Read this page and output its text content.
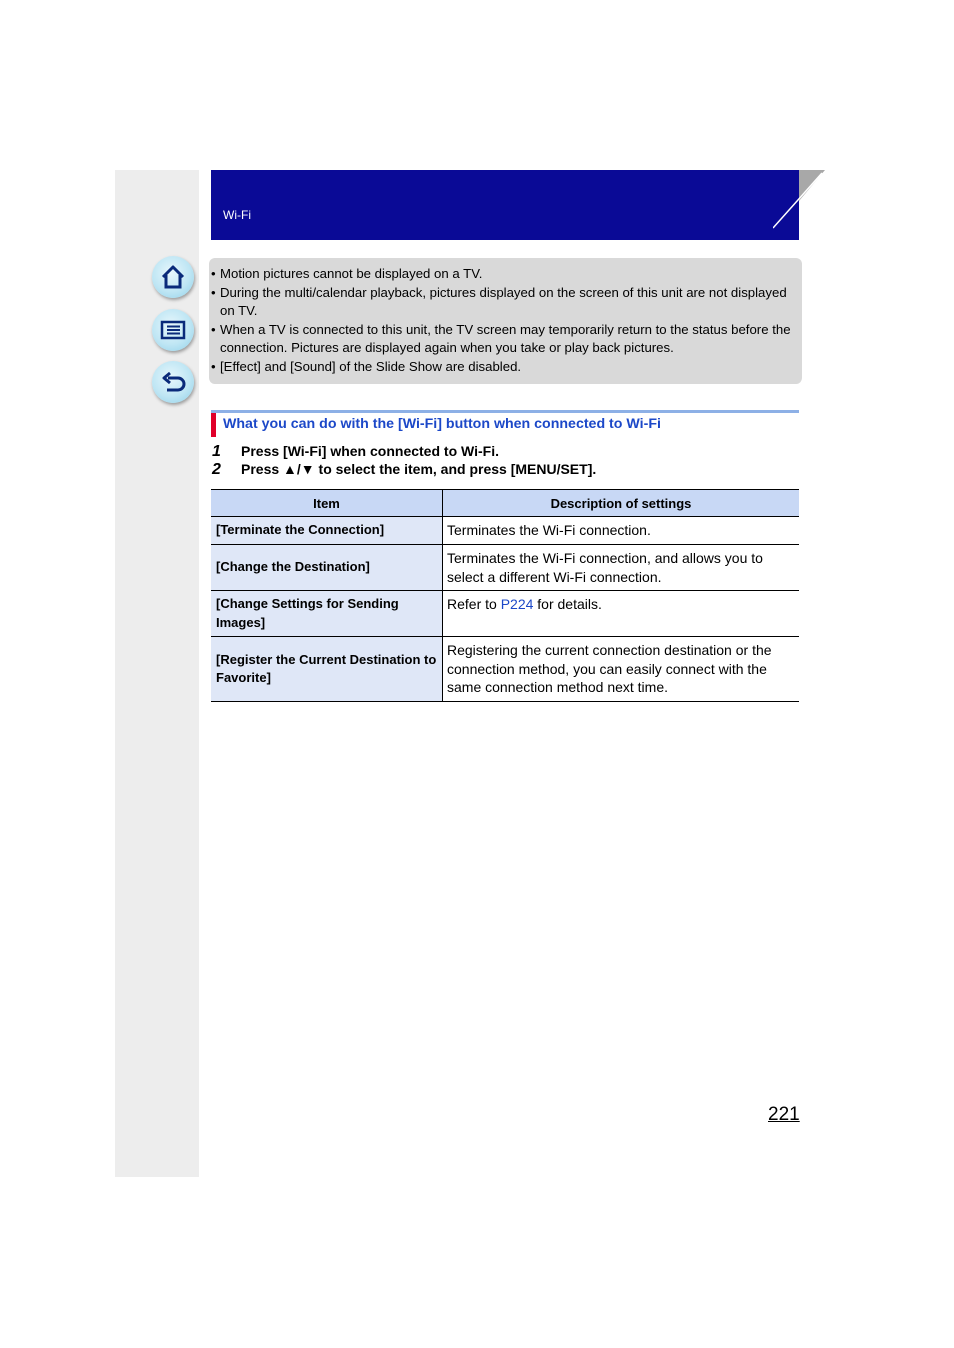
Wi-Fi
• Motion pictures cannot be displayed on a TV.
• During the multi/calendar playback, pictures displayed on the screen of this unit are not displayed on TV.
• When a TV is connected to this unit, the TV screen may temporarily return to the status before the connection. Pictures are displayed again when you take or play back pictures.
• [Effect] and [Sound] of the Slide Show are disabled.
What you can do with the [Wi-Fi] button when connected to Wi-Fi
1 Press [Wi-Fi] when connected to Wi-Fi.
2 Press ▲/▼ to select the item, and press [MENU/SET].
Item	Description of settings
[Terminate the Connection]	Terminates the Wi-Fi connection.
[Change the Destination]	Terminates the Wi-Fi connection, and allows you to select a different Wi-Fi connection.
[Change Settings for Sending Images]	Refer to P224 for details.
[Register the Current Destination to Favorite]	Registering the current connection destination or the connection method, you can easily connect with the same connection method next time.
221
